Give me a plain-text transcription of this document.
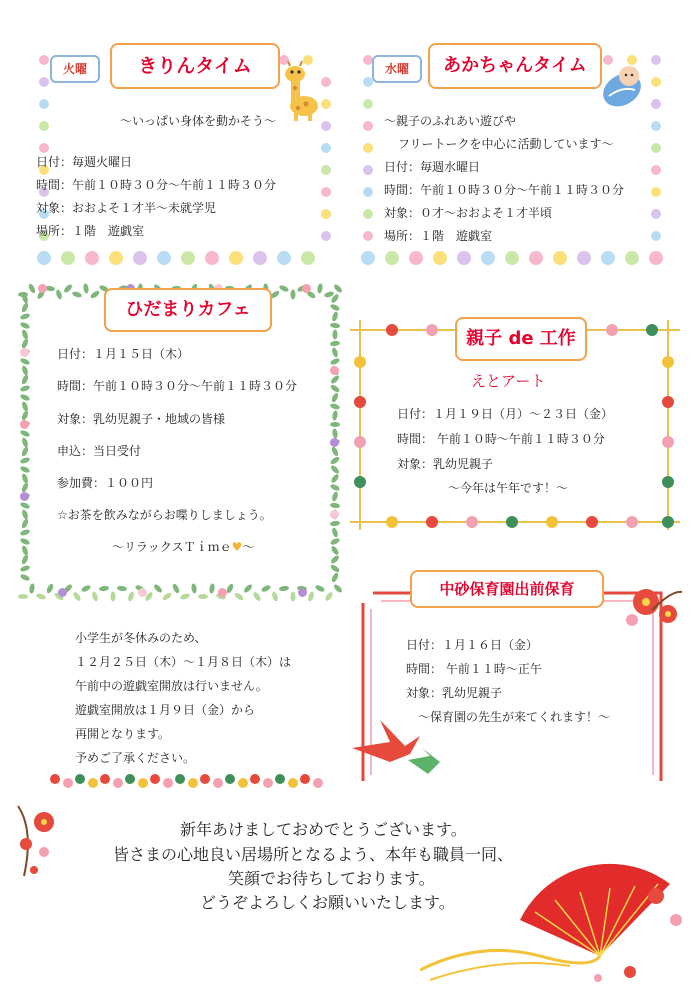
火曜	きりんタイム
～いっぱい身体を動かそう～
日付：毎週火曜日
時間：午前１０時３０分～午前１１時３０分
対象：おおよそ１才半～未就学児
場所：１階　遊戯室
水曜	あかちゃんタイム
～親子のふれあい遊びや
フリートークを中心に活動しています～
日付：毎週水曜日
時間：午前１０時３０分～午前１１時３０分
対象：０才～おおよそ１才半頃
場所：１階　遊戯室
ひだまりカフェ
日付：１月１５日（木）
時間：午前１０時３０分～午前１１時３０分
対象：乳幼児親子・地域の皆様
申込：当日受付
参加費：１００円
☆お茶を飲みながらお喋りしましょう。
～リラックスＴｉｍｅ♥～
親子 de 工作
えとアート
日付：１月１９日（月）～２３日（金）
時間： 午前１０時～午前１１時３０分
対象：乳幼児親子
～今年は午年です！～
小学生が冬休みのため、
１２月２５日（木）～１月８日（木）は
午前中の遊戯室開放は行いません。
遊戯室開放は１月９日（金）から
再開となります。
予めご了承ください。
中砂保育園出前保育
日付：１月１６日（金）
時間： 午前１１時～正午
対象：乳幼児親子
～保育園の先生が来てくれます！～
新年あけましておめでとうございます。
皆さまの心地良い居場所となるよう、本年も職員一同、
笑顔でお待ちしております。
どうぞよろしくお願いいたします。
